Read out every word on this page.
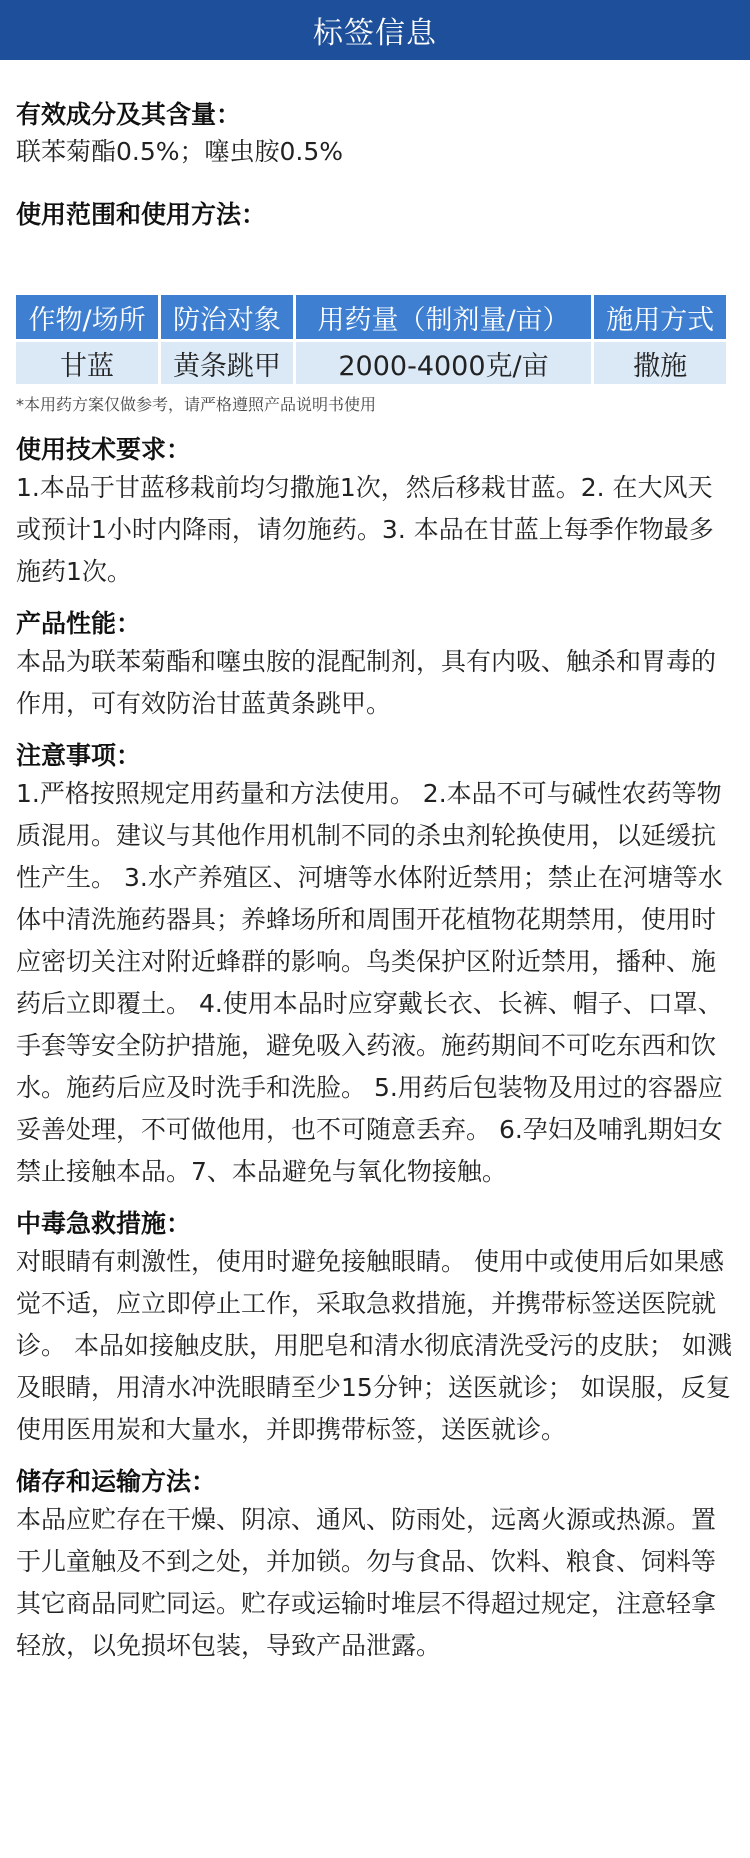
标签信息
有效成分及其含量：
联苯菊酯0.5%；噻虫胺0.5%
使用范围和使用方法：
作物/场所	防治对象	用药量（制剂量/亩）	施用方式
甘蓝	黄条跳甲	2000-4000克/亩	撒施
*本用药方案仅做参考，请严格遵照产品说明书使用
使用技术要求：
1.本品于甘蓝移栽前均匀撒施1次，然后移栽甘蓝。2. 在大风天或预计1小时内降雨，请勿施药。3. 本品在甘蓝上每季作物最多施药1次。
产品性能：
本品为联苯菊酯和噻虫胺的混配制剂，具有内吸、触杀和胃毒的作用，可有效防治甘蓝黄条跳甲。
注意事项：
1.严格按照规定用药量和方法使用。 2.本品不可与碱性农药等物质混用。建议与其他作用机制不同的杀虫剂轮换使用，以延缓抗性产生。 3.水产养殖区、河塘等水体附近禁用；禁止在河塘等水体中清洗施药器具；养蜂场所和周围开花植物花期禁用，使用时应密切关注对附近蜂群的影响。鸟类保护区附近禁用，播种、施药后立即覆土。 4.使用本品时应穿戴长衣、长裤、帽子、口罩、手套等安全防护措施，避免吸入药液。施药期间不可吃东西和饮水。施药后应及时洗手和洗脸。 5.用药后包装物及用过的容器应妥善处理，不可做他用，也不可随意丢弃。 6.孕妇及哺乳期妇女禁止接触本品。7、本品避免与氧化物接触。
中毒急救措施：
对眼睛有刺激性，使用时避免接触眼睛。 使用中或使用后如果感觉不适，应立即停止工作，采取急救措施，并携带标签送医院就诊。 本品如接触皮肤，用肥皂和清水彻底清洗受污的皮肤； 如溅及眼睛，用清水冲洗眼睛至少15分钟；送医就诊； 如误服，反复使用医用炭和大量水，并即携带标签，送医就诊。
储存和运输方法：
本品应贮存在干燥、阴凉、通风、防雨处，远离火源或热源。置于儿童触及不到之处，并加锁。勿与食品、饮料、粮食、饲料等其它商品同贮同运。贮存或运输时堆层不得超过规定，注意轻拿轻放，以免损坏包装，导致产品泄露。
